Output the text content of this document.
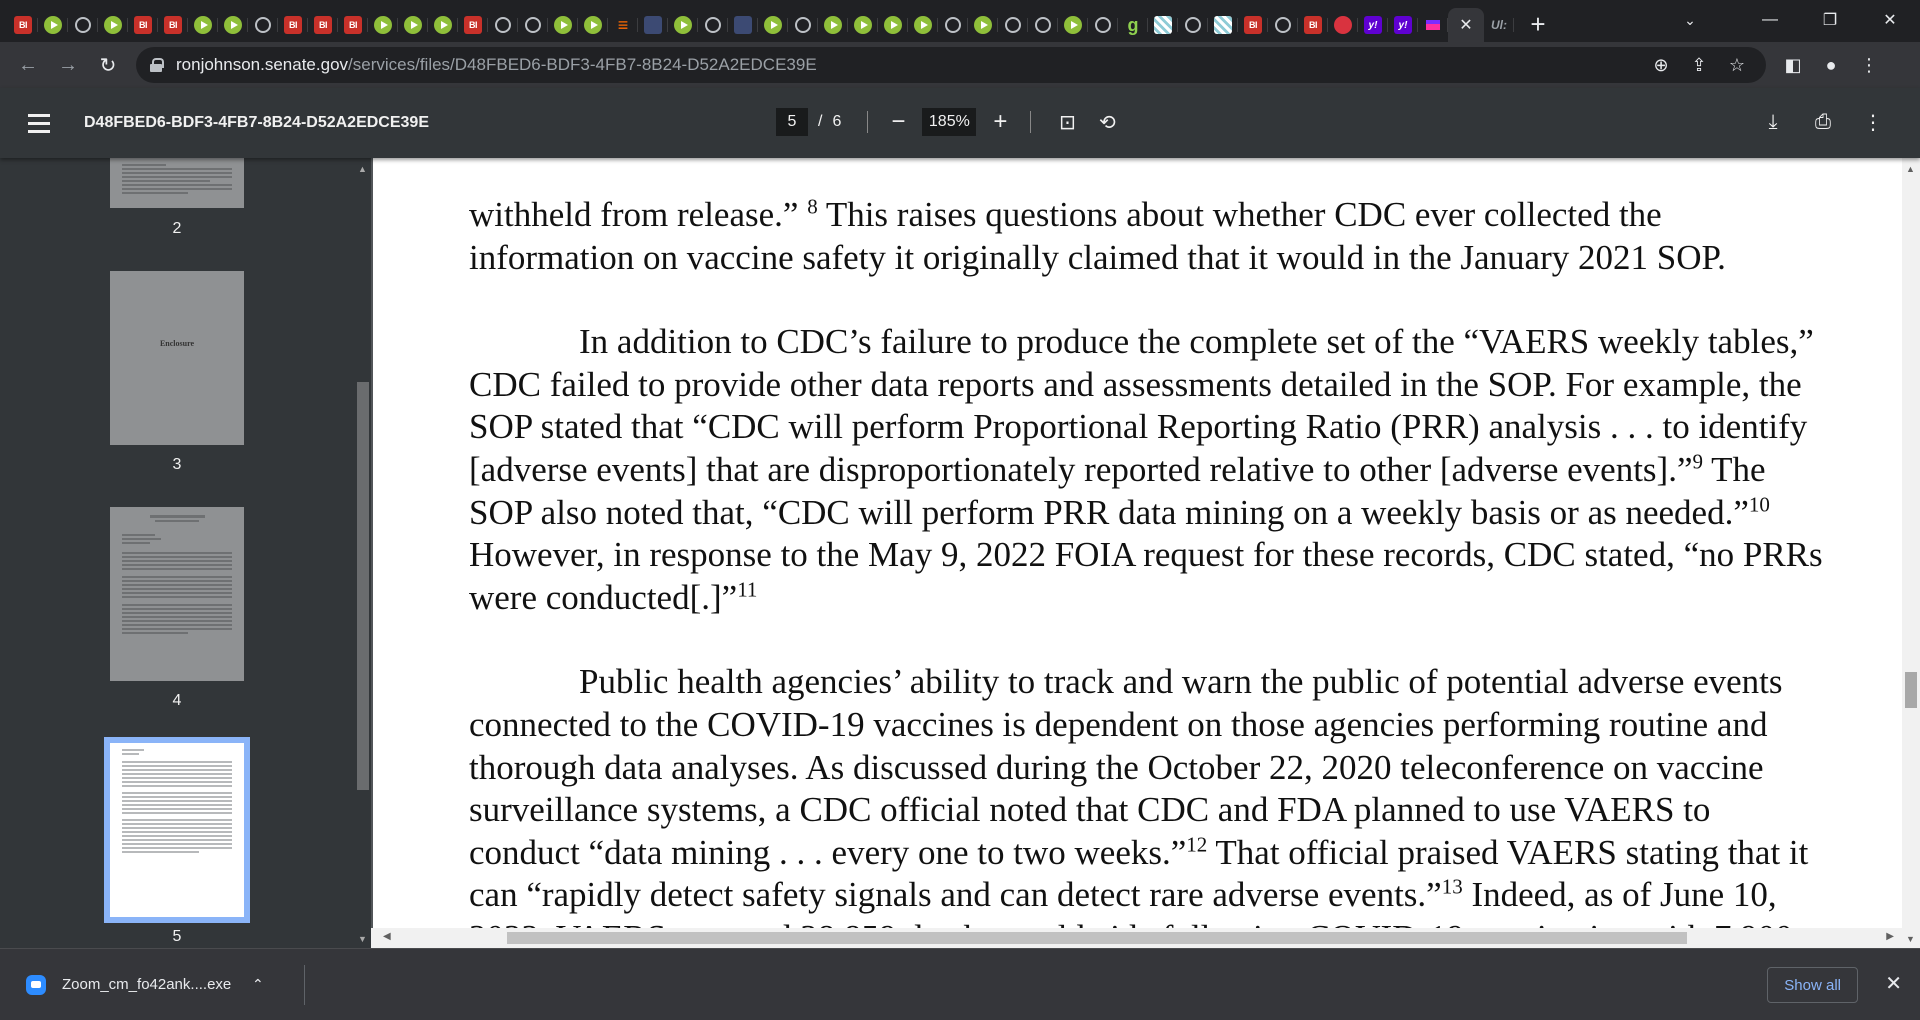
BI	BI	BI	BI	BI	BI	BI
≡	g	BI	BI	y!	y!	✕ Ul: +	⌄	—	❐	✕
←	→	↻	ronjohnson.senate.gov/services/files/D48FBED6-BDF3-4FB7-8B24-D52A2EDCE39E	⊕	⇪	☆	◧	●	⋮
D48FBED6-BDF3-4FB7-8B24-D52A2EDCE39E	5	/ 6 −	185% +	⊡	⟲	⤓	⎙	⋮
2
Enclosure
3
4
5
▲
▼

withheld from release.” $^8$ This raises questions about whether CDC ever collected the

information on vaccine safety it originally claimed that it would in the January 2021 SOP.

In addition to CDC’s failure to produce the complete set of the “VAERS weekly tables,”

CDC failed to provide other data reports and assessments detailed in the SOP. For example, the

SOP stated that “CDC will perform Proportional Reporting Ratio (PRR) analysis . . . to identify

[adverse events] that are disproportionately reported relative to other [adverse events].”$^9$ The

SOP also noted that, “CDC will perform PRR data mining on a weekly basis or as needed.”$^{10}$

However, in response to the May 9, 2022 FOIA request for these records, CDC stated, “no PRRs

were conducted[.]”$^{11}$

Public health agencies’ ability to track and warn the public of potential adverse events

connected to the COVID-19 vaccines is dependent on those agencies performing routine and

thorough data analyses. As discussed during the October 22, 2020 teleconference on vaccine

surveillance systems, a CDC official noted that CDC and FDA planned to use VAERS to

conduct “data mining . . . every one to two weeks.”$^{12}$ That official praised VAERS stating that it

can “rapidly detect safety signals and can detect rare adverse events.”$^{13}$ Indeed, as of June 10,

▲
▼
◀	▶
Zoom_cm_fo42ank....exe	⌃	Show all	✕
